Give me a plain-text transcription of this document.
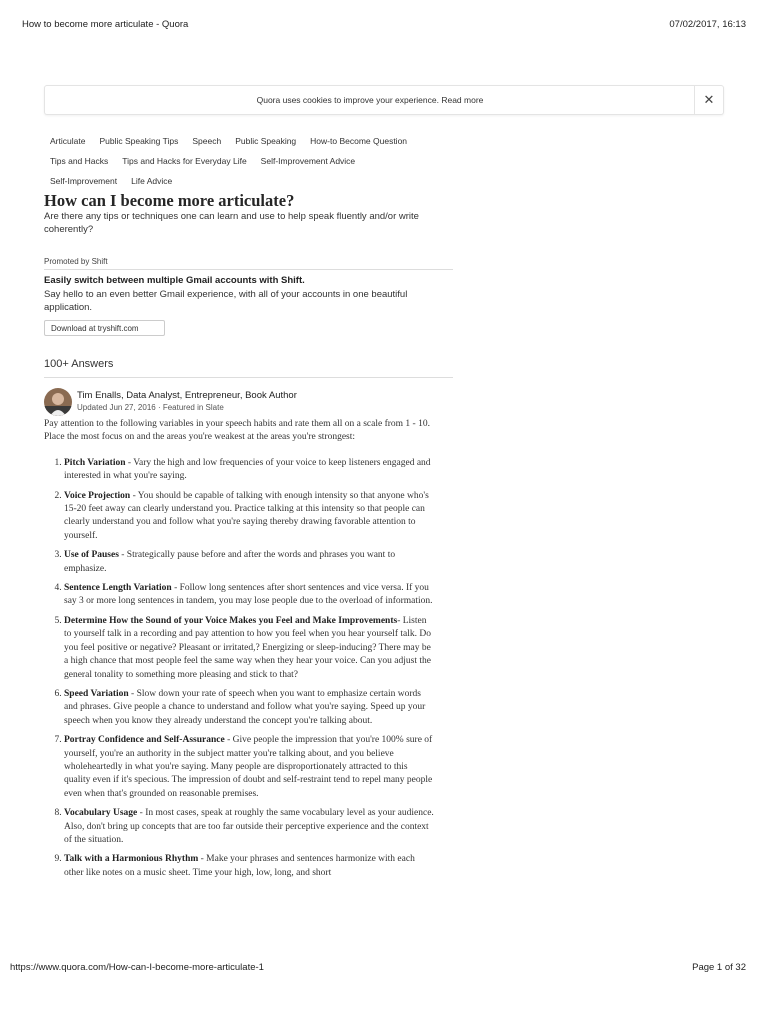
How to become more articulate - Quora	07/02/2017, 16:13
Quora uses cookies to improve your experience. Read more	✕
Articulate Public Speaking Tips Speech Public Speaking How-to Become Question
Tips and Hacks Tips and Hacks for Everyday Life Self-Improvement Advice
Self-Improvement Life Advice
How can I become more articulate?
Are there any tips or techniques one can learn and use to help speak fluently and/or write coherently?
Promoted by Shift
Easily switch between multiple Gmail accounts with Shift.
Say hello to an even better Gmail experience, with all of your accounts in one beautiful application.
Download at tryshift.com
100+ Answers
Tim Enalls, Data Analyst, Entrepreneur, Book Author
Updated Jun 27, 2016 · Featured in Slate

Pay attention to the following variables in your speech habits and rate them all on a scale from 1 - 10. Place the most focus on and the areas you're weakest at the areas you're strongest:

1. Pitch Variation - Vary the high and low frequencies of your voice to keep listeners engaged and interested in what you're saying.
2. Voice Projection - You should be capable of talking with enough intensity so that anyone who's 15-20 feet away can clearly understand you. Practice talking at this intensity so that people can clearly understand you and follow what you're saying thereby drawing favorable attention to yourself.
3. Use of Pauses - Strategically pause before and after the words and phrases you want to emphasize.
4. Sentence Length Variation - Follow long sentences after short sentences and vice versa. If you say 3 or more long sentences in tandem, you may lose people due to the overload of information.
5. Determine How the Sound of your Voice Makes you Feel and Make Improvements- Listen to yourself talk in a recording and pay attention to how you feel when you hear yourself talk. Do you feel positive or negative? Pleasant or irritated,? Energizing or sleep-inducing? There may be a high chance that most people feel the same way when they hear your voice. Can you adjust the general tonality to something more pleasing and stick to that?
6. Speed Variation - Slow down your rate of speech when you want to emphasize certain words and phrases. Give people a chance to understand and follow what you're saying. Speed up your speech when you know they already understand the concept you're talking about.
7. Portray Confidence and Self-Assurance - Give people the impression that you're 100% sure of yourself, you're an authority in the subject matter you're talking about, and you believe wholeheartedly in what you're saying. Many people are disproportionately attracted to this quality even if it's specious. The impression of doubt and self-restraint tend to repel many people even when that's grounded on reasonable premises.
8. Vocabulary Usage - In most cases, speak at roughly the same vocabulary level as your audience. Also, don't bring up concepts that are too far outside their perceptive experience and the context of the situation.
9. Talk with a Harmonious Rhythm - Make your phrases and sentences harmonize with each other like notes on a music sheet. Time your high, low, long, and short
https://www.quora.com/How-can-I-become-more-articulate-1	Page 1 of 32
